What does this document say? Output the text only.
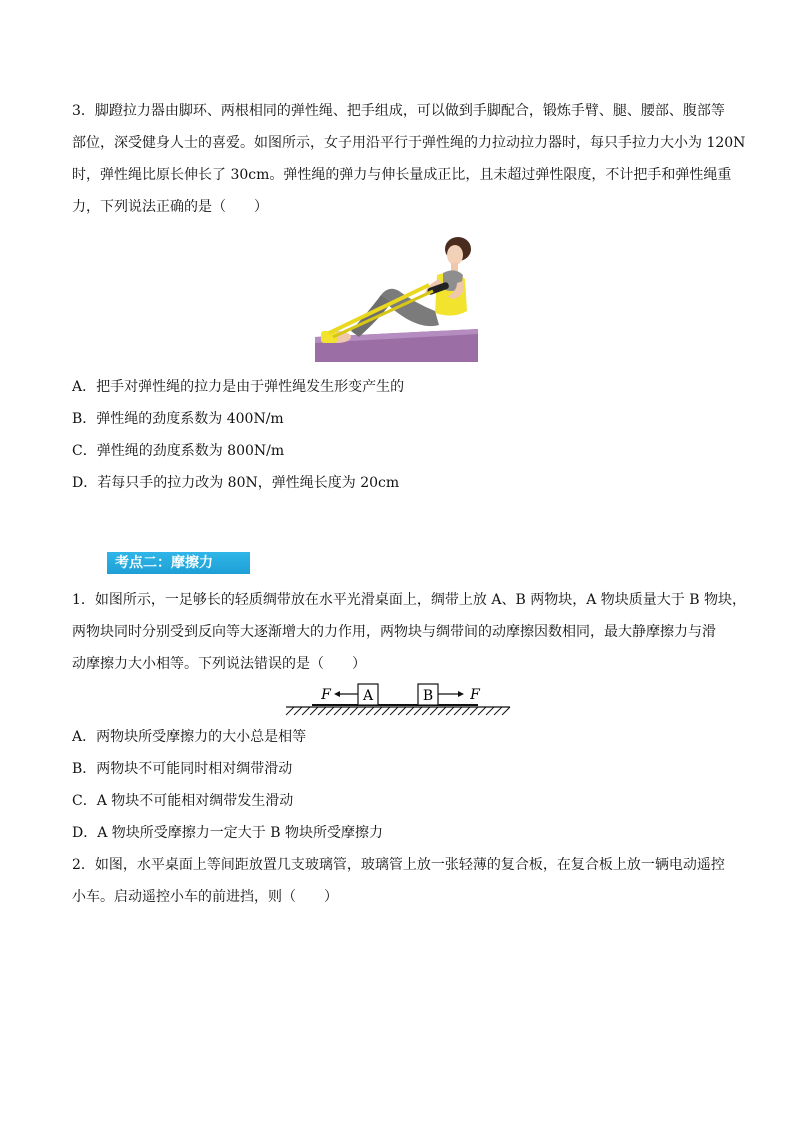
3．脚蹬拉力器由脚环、两根相同的弹性绳、把手组成，可以做到手脚配合，锻炼手臂、腿、腰部、腹部等
部位，深受健身人士的喜爱。如图所示，女子用沿平行于弹性绳的力拉动拉力器时，每只手拉力大小为 120N
时，弹性绳比原长伸长了 30cm。弹性绳的弹力与伸长量成正比，且未超过弹性限度，不计把手和弹性绳重
力，下列说法正确的是（　　）
A．把手对弹性绳的拉力是由于弹性绳发生形变产生的
B．弹性绳的劲度系数为 400N/m
C．弹性绳的劲度系数为 800N/m
D．若每只手的拉力改为 80N，弹性绳长度为 20cm
考点二：摩擦力
1．如图所示，一足够长的轻质绸带放在水平光滑桌面上，绸带上放 A、B 两物块，A 物块质量大于 B 物块，
两物块同时分别受到反向等大逐渐增大的力作用，两物块与绸带间的动摩擦因数相同，最大静摩擦力与滑
动摩擦力大小相等。下列说法错误的是（　　）
A	B
F	F
A．两物块所受摩擦力的大小总是相等
B．两物块不可能同时相对绸带滑动
C．A 物块不可能相对绸带发生滑动
D．A 物块所受摩擦力一定大于 B 物块所受摩擦力
2．如图，水平桌面上等间距放置几支玻璃管，玻璃管上放一张轻薄的复合板，在复合板上放一辆电动遥控
小车。启动遥控小车的前进挡，则（　　）
